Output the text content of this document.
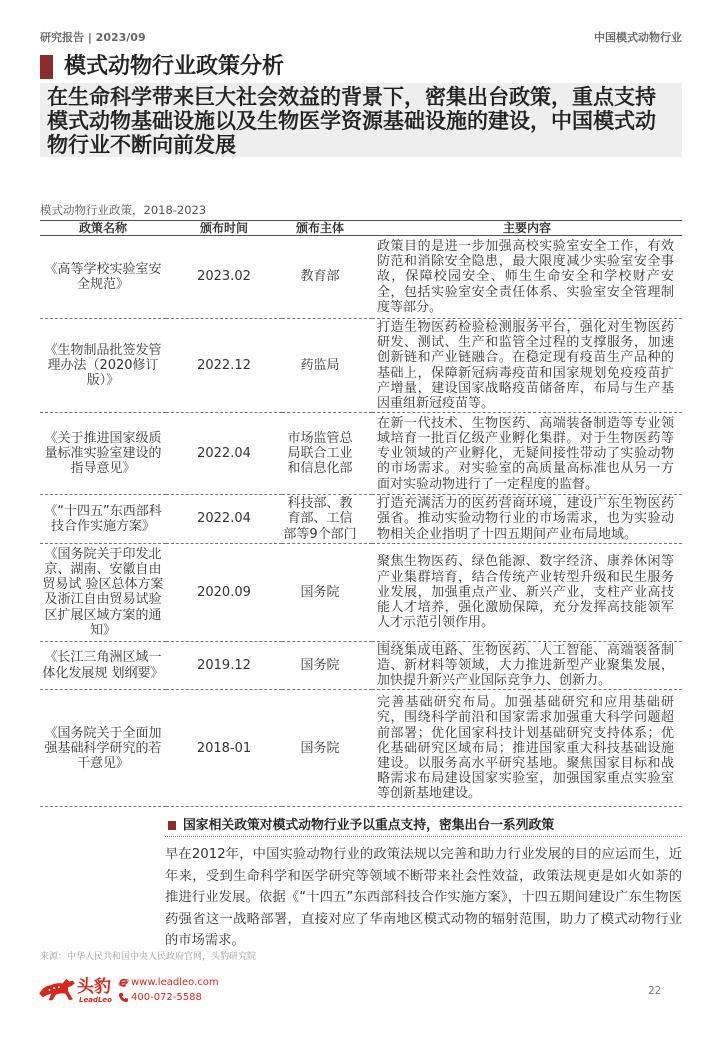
研究报告 | 2023/09	中国模式动物行业
模式动物行业政策分析
在生命科学带来巨大社会效益的背景下，密集出台政策，重点支持模式动物基础设施以及生物医学资源基础设施的建设，中国模式动物行业不断向前发展
模式动物行业政策，2018-2023
政策名称	颁布时间	颁布主体	主要内容
《高等学校实验室安全规范》	2023.02	教育部	政策目的是进一步加强高校实验室安全工作，有效防范和消除安全隐患，最大限度减少实验室安全事故，保障校园安全、师生生命安全和学校财产安全，包括实验室安全责任体系、实验室安全管理制度等部分。
《生物制品批签发管理办法（2020修订版）》	2022.12	药监局	打造生物医药检验检测服务平台，强化对生物医药研发、测试、生产和监管全过程的支撑服务，加速创新链和产业链融合。在稳定现有疫苗生产品种的基础上，保障新冠病毒疫苗和国家规划免疫疫苗扩产增量，建设国家战略疫苗储备库，布局与生产基因重组新冠疫苗等。
《关于推进国家级质量标准实验室建设的指导意见》	2022.04	市场监管总局联合工业和信息化部	在新一代技术、生物医药、高端装备制造等专业领域培育一批百亿级产业孵化集群。对于生物医药等专业领域的产业孵化，无疑间接性带动了实验动物的市场需求。对实验室的高质量高标准也从另一方面对实验动物进行了一定程度的监督。
《“十四五”东西部科技合作实施方案》	2022.04	科技部、教育部、工信部等9个部门	打造充满活力的医药营商环境，建设广东生物医药强省。推动实验动物行业的市场需求，也为实验动物相关企业指明了十四五期间产业布局地域。
《国务院关于印发北京、湖南、安徽自由贸易试 验区总体方案及浙江自由贸易试验区扩展区域方案的通知》	2020.09	国务院	聚焦生物医药、绿色能源、数字经济、康养休闲等产业集群培育，结合传统产业转型升级和民生服务业发展，加强重点产业、新兴产业，支柱产业高技能人才培养，强化激励保障，充分发挥高技能领军人才示范引领作用。
《长江三角洲区域一体化发展规 划纲要》	2019.12	国务院	围绕集成电路、生物医药、人工智能、高端装备制造、新材料等领域，大力推进新型产业聚集发展，加快提升新兴产业国际竞争力、创新力。
《国务院关于全面加强基础科学研究的若干意见》	2018-01	国务院	完善基础研究布局。加强基础研究和应用基础研究，围绕科学前沿和国家需求加强重大科学问题超前部署；优化国家科技计划基础研究支持体系；优化基础研究区域布局；推进国家重大科技基础设施建设。以服务高水平研究基地。聚焦国家目标和战略需求布局建设国家实验室，加强国家重点实验室等创新基地建设。
国家相关政策对模式动物行业予以重点支持，密集出台一系列政策

早在2012年，中国实验动物行业的政策法规以完善和助力行业发展的目的应运而生，近年来，受到生命科学和医学研究等领域不断带来社会性效益，政策法规更是如火如荼的推进行业发展。依据《“十四五”东西部科技合作实施方案》，十四五期间建设广东生物医药强省这一战略部署，直接对应了华南地区模式动物的辐射范围，助力了模式动物行业的市场需求。

来源：中华人民共和国中央人民政府官网，头豹研究院

头豹
LeadLeo
www.leadleo.com
400-072-5588
22
